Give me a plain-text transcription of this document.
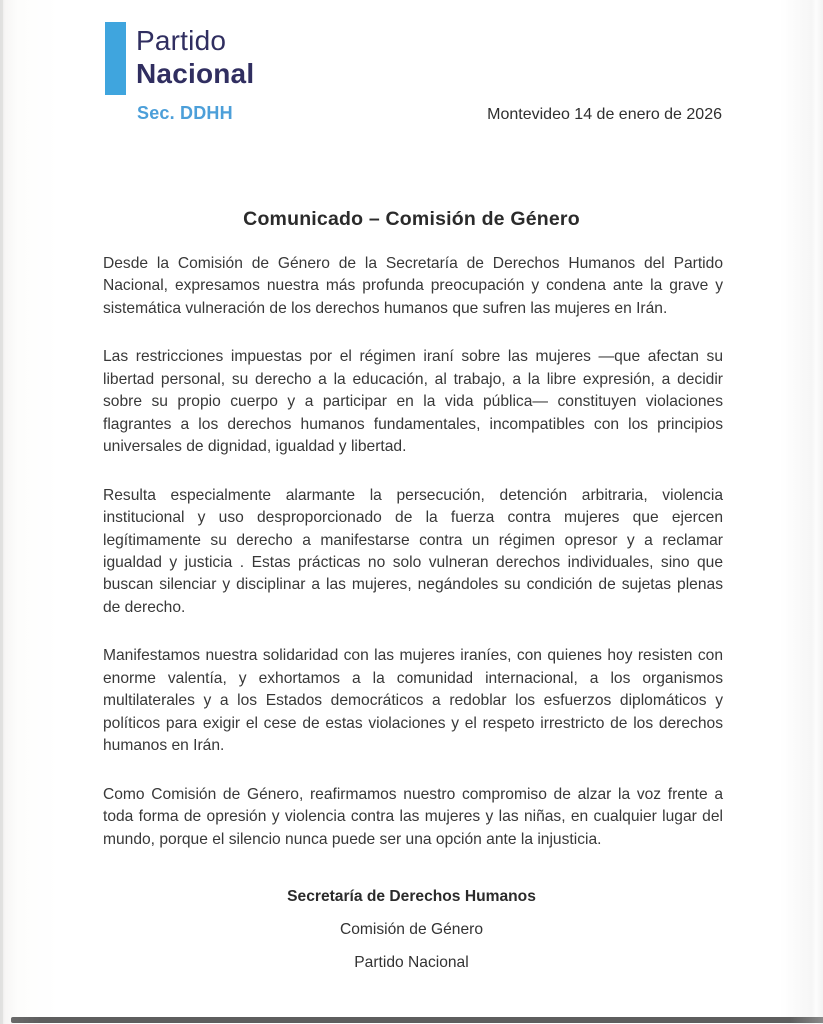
Partido
Nacional
Sec. DDHH	Montevideo 14 de enero de 2026
Comunicado – Comisión de Género

Desde la Comisión de Género de la Secretaría de Derechos Humanos del Partido Nacional, expresamos nuestra más profunda preocupación y condena ante la grave y sistemática vulneración de los derechos humanos que sufren las mujeres en Irán.

Las restricciones impuestas por el régimen iraní sobre las mujeres —que afectan su libertad personal, su derecho a la educación, al trabajo, a la libre expresión, a decidir sobre su propio cuerpo y a participar en la vida pública— constituyen violaciones flagrantes a los derechos humanos fundamentales, incompatibles con los principios universales de dignidad, igualdad y libertad.

Resulta especialmente alarmante la persecución, detención arbitraria, violencia institucional y uso desproporcionado de la fuerza contra mujeres que ejercen legítimamente su derecho a manifestarse contra un régimen opresor y a reclamar igualdad y justicia . Estas prácticas no solo vulneran derechos individuales, sino que buscan silenciar y disciplinar a las mujeres, negándoles su condición de sujetas plenas de derecho.

Manifestamos nuestra solidaridad con las mujeres iraníes, con quienes hoy resisten con enorme valentía, y exhortamos a la comunidad internacional, a los organismos multilaterales y a los Estados democráticos a redoblar los esfuerzos diplomáticos y políticos para exigir el cese de estas violaciones y el respeto irrestricto de los derechos humanos en Irán.

Como Comisión de Género, reafirmamos nuestro compromiso de alzar la voz frente a toda forma de opresión y violencia contra las mujeres y las niñas, en cualquier lugar del mundo, porque el silencio nunca puede ser una opción ante la injusticia.

Secretaría de Derechos Humanos
Comisión de Género
Partido Nacional
